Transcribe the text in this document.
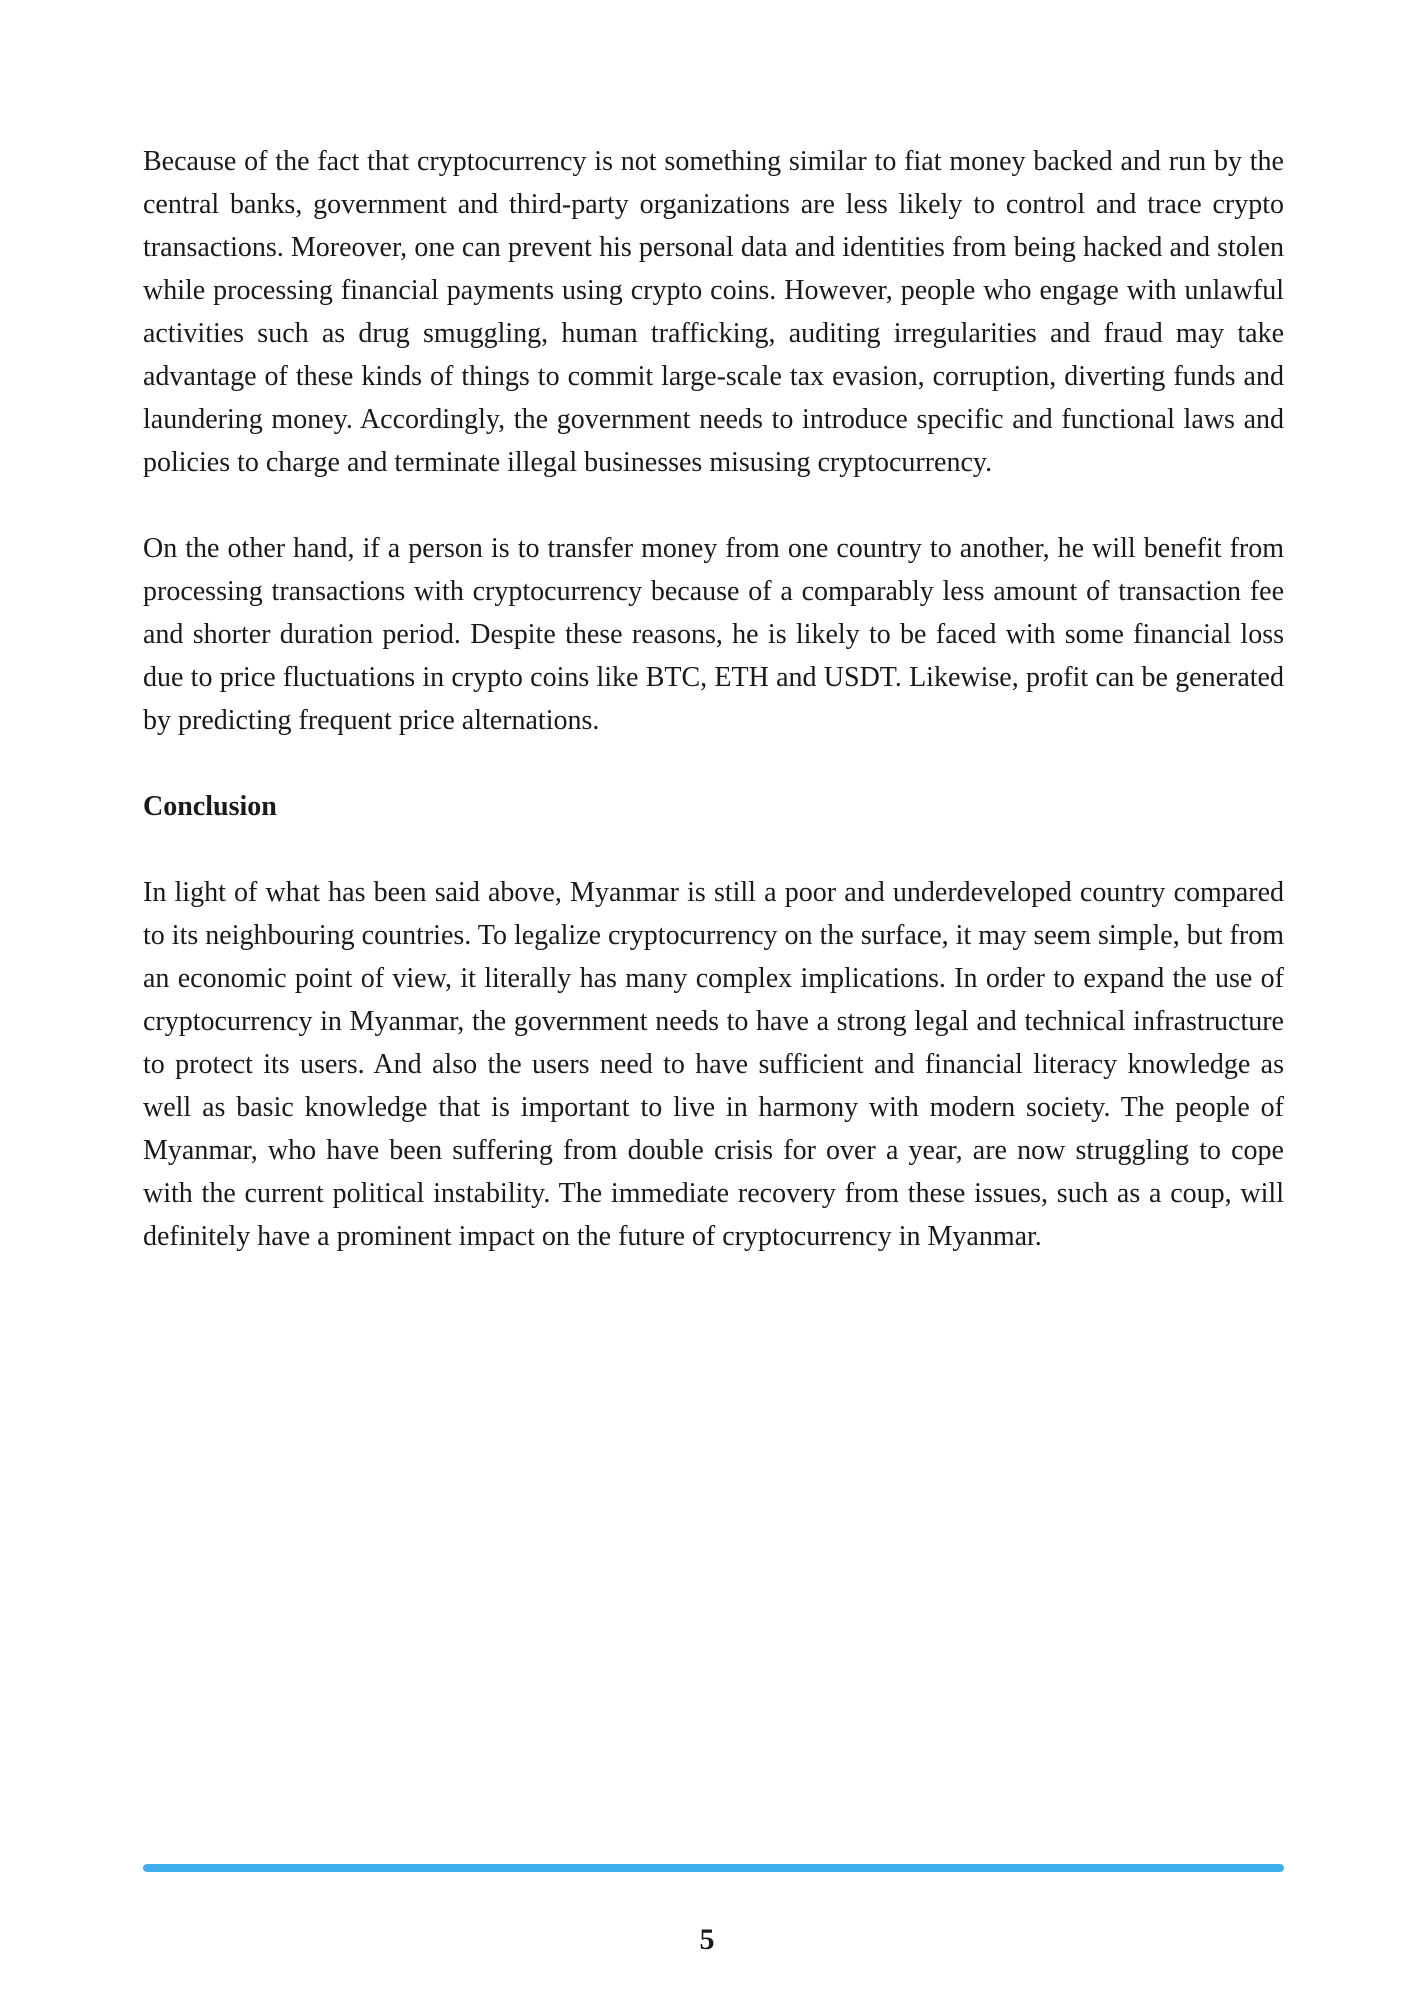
Because of the fact that cryptocurrency is not something similar to fiat money backed and run by the central banks, government and third-party organizations are less likely to control and trace crypto transactions. Moreover, one can prevent his personal data and identities from being hacked and stolen while processing financial payments using crypto coins. However, people who engage with unlawful activities such as drug smuggling, human trafficking, auditing irregularities and fraud may take advantage of these kinds of things to commit large-scale tax evasion, corruption, diverting funds and laundering money. Accordingly, the government needs to introduce specific and functional laws and policies to charge and terminate illegal businesses misusing cryptocurrency.

On the other hand, if a person is to transfer money from one country to another, he will benefit from processing transactions with cryptocurrency because of a comparably less amount of transaction fee and shorter duration period. Despite these reasons, he is likely to be faced with some financial loss due to price fluctuations in crypto coins like BTC, ETH and USDT. Likewise, profit can be generated by predicting frequent price alternations.

Conclusion

In light of what has been said above, Myanmar is still a poor and underdeveloped country compared to its neighbouring countries. To legalize cryptocurrency on the surface, it may seem simple, but from an economic point of view, it literally has many complex implications. In order to expand the use of cryptocurrency in Myanmar, the government needs to have a strong legal and technical infrastructure to protect its users. And also the users need to have sufficient and financial literacy knowledge as well as basic knowledge that is important to live in harmony with modern society. The people of Myanmar, who have been suffering from double crisis for over a year, are now struggling to cope with the current political instability. The immediate recovery from these issues, such as a coup, will definitely have a prominent impact on the future of cryptocurrency in Myanmar.

5
